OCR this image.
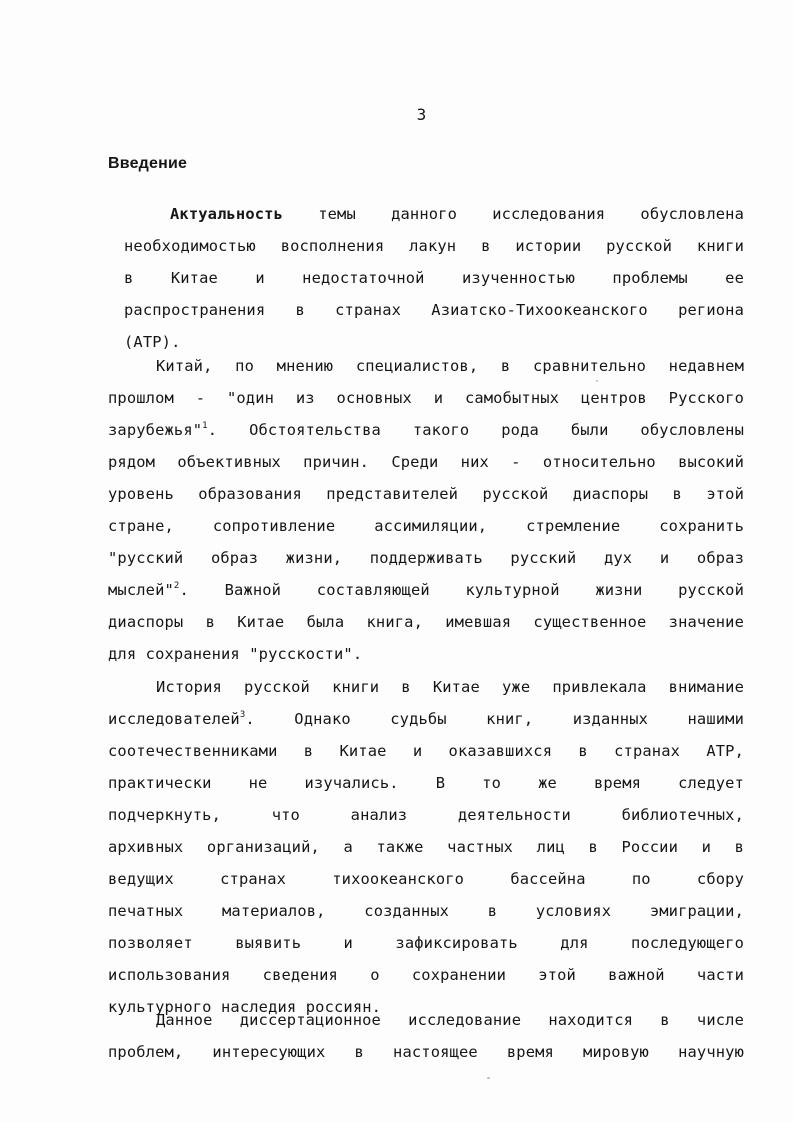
3
Введение
Актуальность темы данного исследования обусловлена
необходимостью восполнения лакун в истории русской книги
в Китае и недостаточной изученностью проблемы ее
распространения в странах Азиатско-Тихоокеанского региона
(АТР).
Китай, по мнению специалистов, в сравнительно недавнем
прошлом - "один из основных и самобытных центров Русского
зарубежья"$^1$. Обстоятельства такого рода были обусловлены
рядом объективных причин. Среди них - относительно высокий
уровень образования представителей русской диаспоры в этой
стране, сопротивление ассимиляции, стремление сохранить
"русский образ жизни, поддерживать русский дух и образ
мыслей"$^2$. Важной составляющей культурной жизни русской
диаспоры в Китае была книга, имевшая существенное значение
для сохранения "русскости".
История русской книги в Китае уже привлекала внимание
исследователей$^3$. Однако судьбы книг, изданных нашими
соотечественниками в Китае и оказавшихся в странах АТР,
практически не изучались. В то же время следует
подчеркнуть, что анализ деятельности библиотечных,
архивных организаций, а также частных лиц в России и в
ведущих странах тихоокеанского бассейна по сбору
печатных материалов, созданных в условиях эмиграции,
позволяет выявить и зафиксировать для последующего
использования сведения о сохранении этой важной части
культурного наследия россиян.
Данное диссертационное исследование находится в числе
проблем, интересующих в настоящее время мировую научную
